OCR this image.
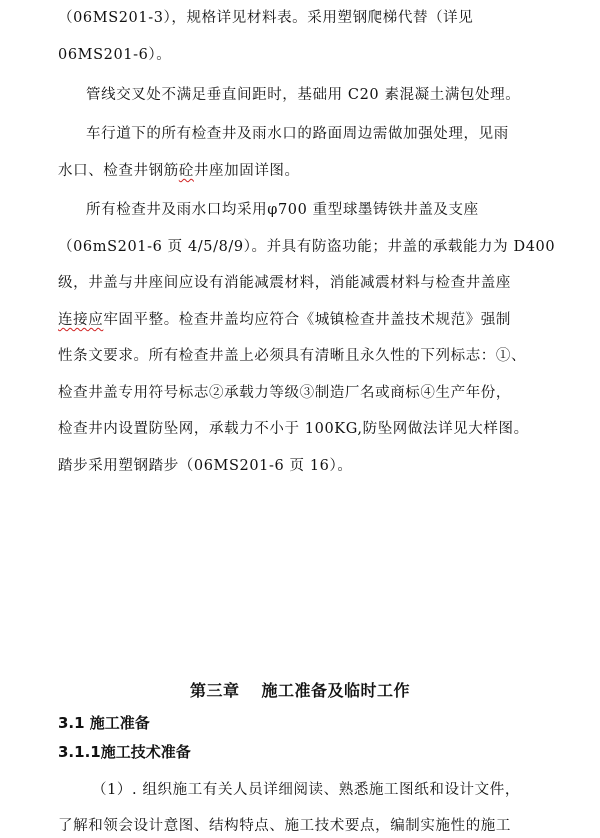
（06MS201-3），规格详见材料表。采用塑钢爬梯代替（详见
06MS201-6）。
管线交叉处不满足垂直间距时，基础用 C20 素混凝土满包处理。
车行道下的所有检查井及雨水口的路面周边需做加强处理，见雨
水口、检查井钢筋砼井座加固详图。
所有检查井及雨水口均采用φ700 重型球墨铸铁井盖及支座
（06mS201-6 页 4/5/8/9）。并具有防盗功能；井盖的承载能力为 D400
级，井盖与井座间应设有消能减震材料，消能减震材料与检查井盖座
连接应牢固平整。检查井盖均应符合《城镇检查井盖技术规范》强制
性条文要求。所有检查井盖上必须具有清晰且永久性的下列标志：①、
检查井盖专用符号标志②承载力等级③制造厂名或商标④生产年份，
检查井内设置防坠网，承载力不小于 100KG,防坠网做法详见大样图。
踏步采用塑钢踏步（06MS201-6 页 16）。
第三章 施工准备及临时工作
3.1 施工准备
3.1.1施工技术准备
（1）. 组织施工有关人员详细阅读、熟悉施工图纸和设计文件，
了解和领会设计意图、结构特点、施工技术要点，编制实施性的施工
